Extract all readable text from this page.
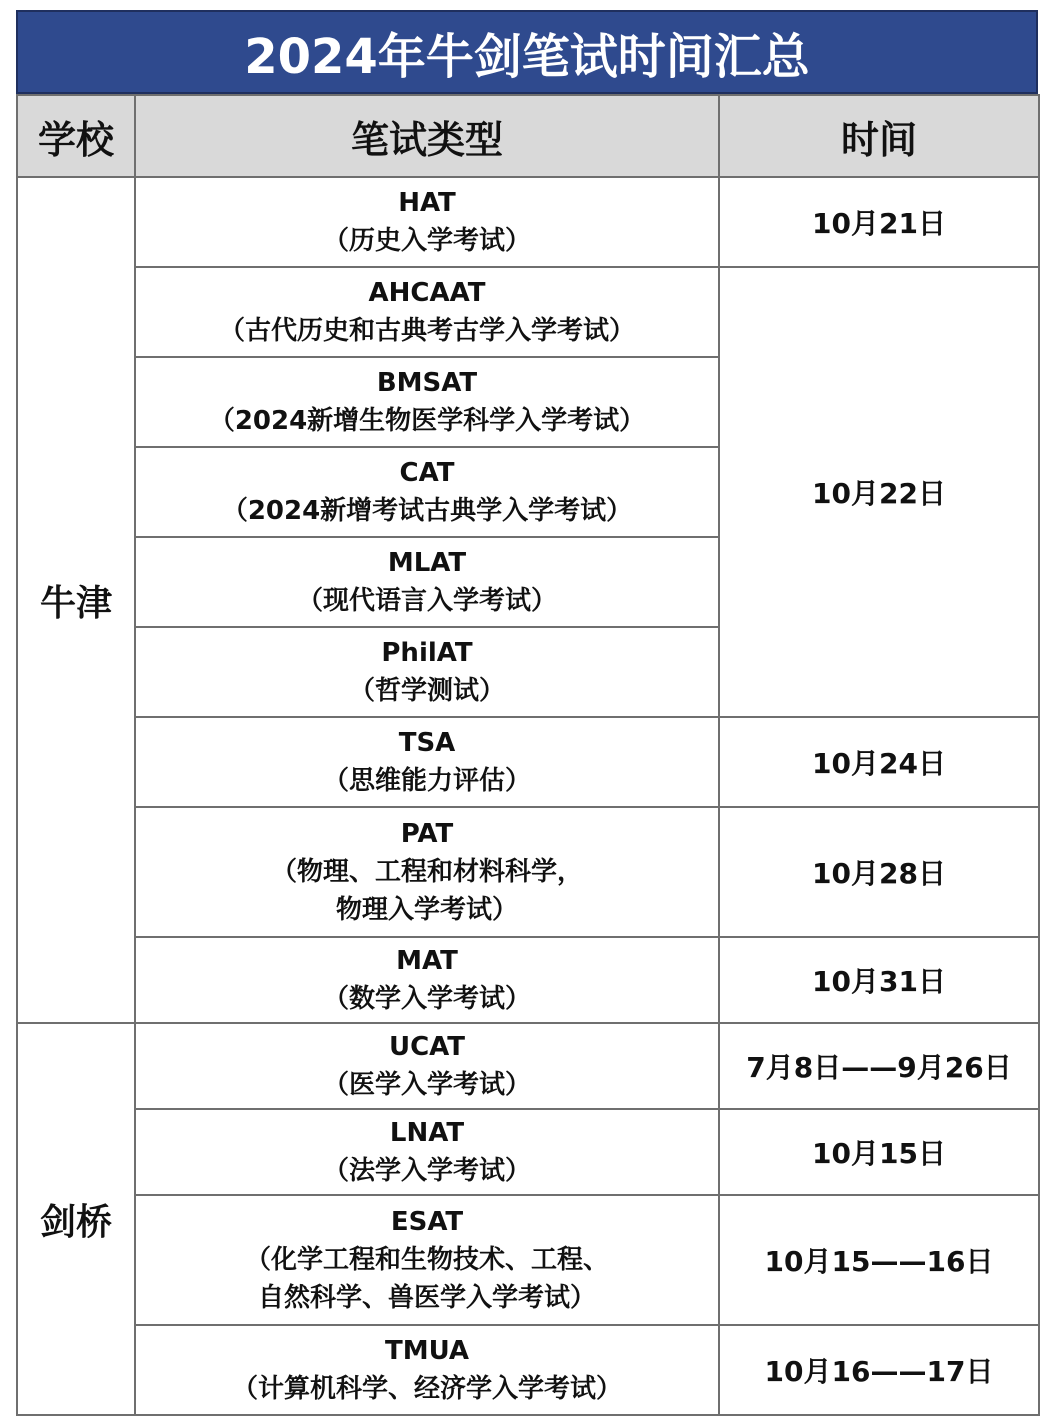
2024年牛剑笔试时间汇总
学校	笔试类型	时间
牛津	HAT
（历史入学考试）	10月21日

	AHCAAT
（古代历史和古典考古学入学考试）	10月22日

	BMSAT
（2024新增生物医学科学入学考试）	

	CAT
（2024新增考试古典学入学考试）	

	MLAT
（现代语言入学考试）	

	PhilAT
（哲学测试）	

	TSA
（思维能力评估）	10月24日

	PAT
（物理、工程和材料科学，
物理入学考试）	10月28日

	MAT
（数学入学考试）	10月31日
剑桥	UCAT
（医学入学考试）	7月8日——9月26日

	LNAT
（法学入学考试）	10月15日

	ESAT
（化学工程和生物技术、工程、
自然科学、兽医学入学考试）	10月15——16日

	TMUA
（计算机科学、经济学入学考试）	10月16——17日
